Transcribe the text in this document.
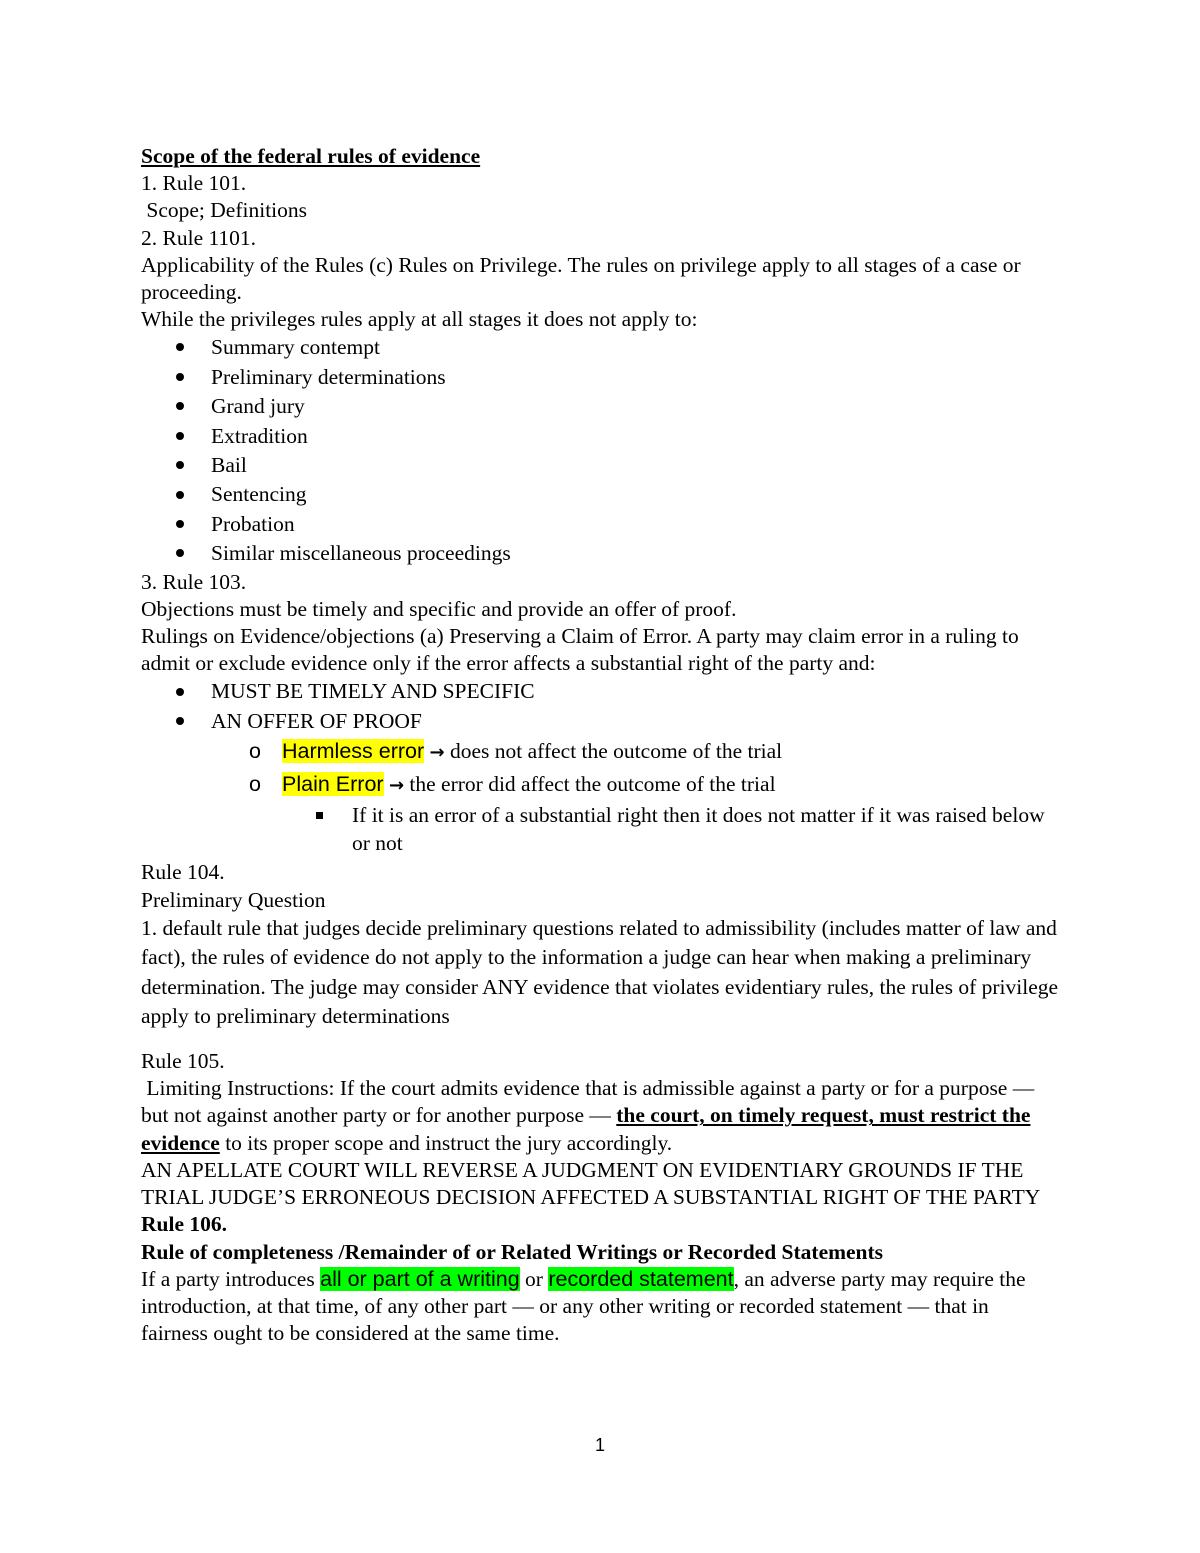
Scope of the federal rules of evidence

1. Rule 101.

Scope; Definitions

2. Rule 1101.

Applicability of the Rules (c) Rules on Privilege. The rules on privilege apply to all stages of a case or proceeding.

While the privileges rules apply at all stages it does not apply to:

Summary contempt
Preliminary determinations
Grand jury
Extradition
Bail
Sentencing
Probation
Similar miscellaneous proceedings

3. Rule 103.

Objections must be timely and specific and provide an offer of proof.

Rulings on Evidence/objections (a) Preserving a Claim of Error. A party may claim error in a ruling to admit or exclude evidence only if the error affects a substantial right of the party and:

MUST BE TIMELY AND SPECIFIC
AN OFFER OF PROOF
o Harmless error → does not affect the outcome of the trial
o Plain Error → the error did affect the outcome of the trial
If it is an error of a substantial right then it does not matter if it was raised below or not

Rule 104.

Preliminary Question

1. default rule that judges decide preliminary questions related to admissibility (includes matter of law and fact), the rules of evidence do not apply to the information a judge can hear when making a preliminary determination. The judge may consider ANY evidence that violates evidentiary rules, the rules of privilege apply to preliminary determinations

Rule 105.

Limiting Instructions: If the court admits evidence that is admissible against a party or for a purpose — but not against another party or for another purpose — the court, on timely request, must restrict the evidence to its proper scope and instruct the jury accordingly.

AN APELLATE COURT WILL REVERSE A JUDGMENT ON EVIDENTIARY GROUNDS IF THE TRIAL JUDGE’S ERRONEOUS DECISION AFFECTED A SUBSTANTIAL RIGHT OF THE PARTY

Rule 106.

Rule of completeness /Remainder of or Related Writings or Recorded Statements

If a party introduces all or part of a writing or recorded statement, an adverse party may require the introduction, at that time, of any other part — or any other writing or recorded statement — that in fairness ought to be considered at the same time.

1
